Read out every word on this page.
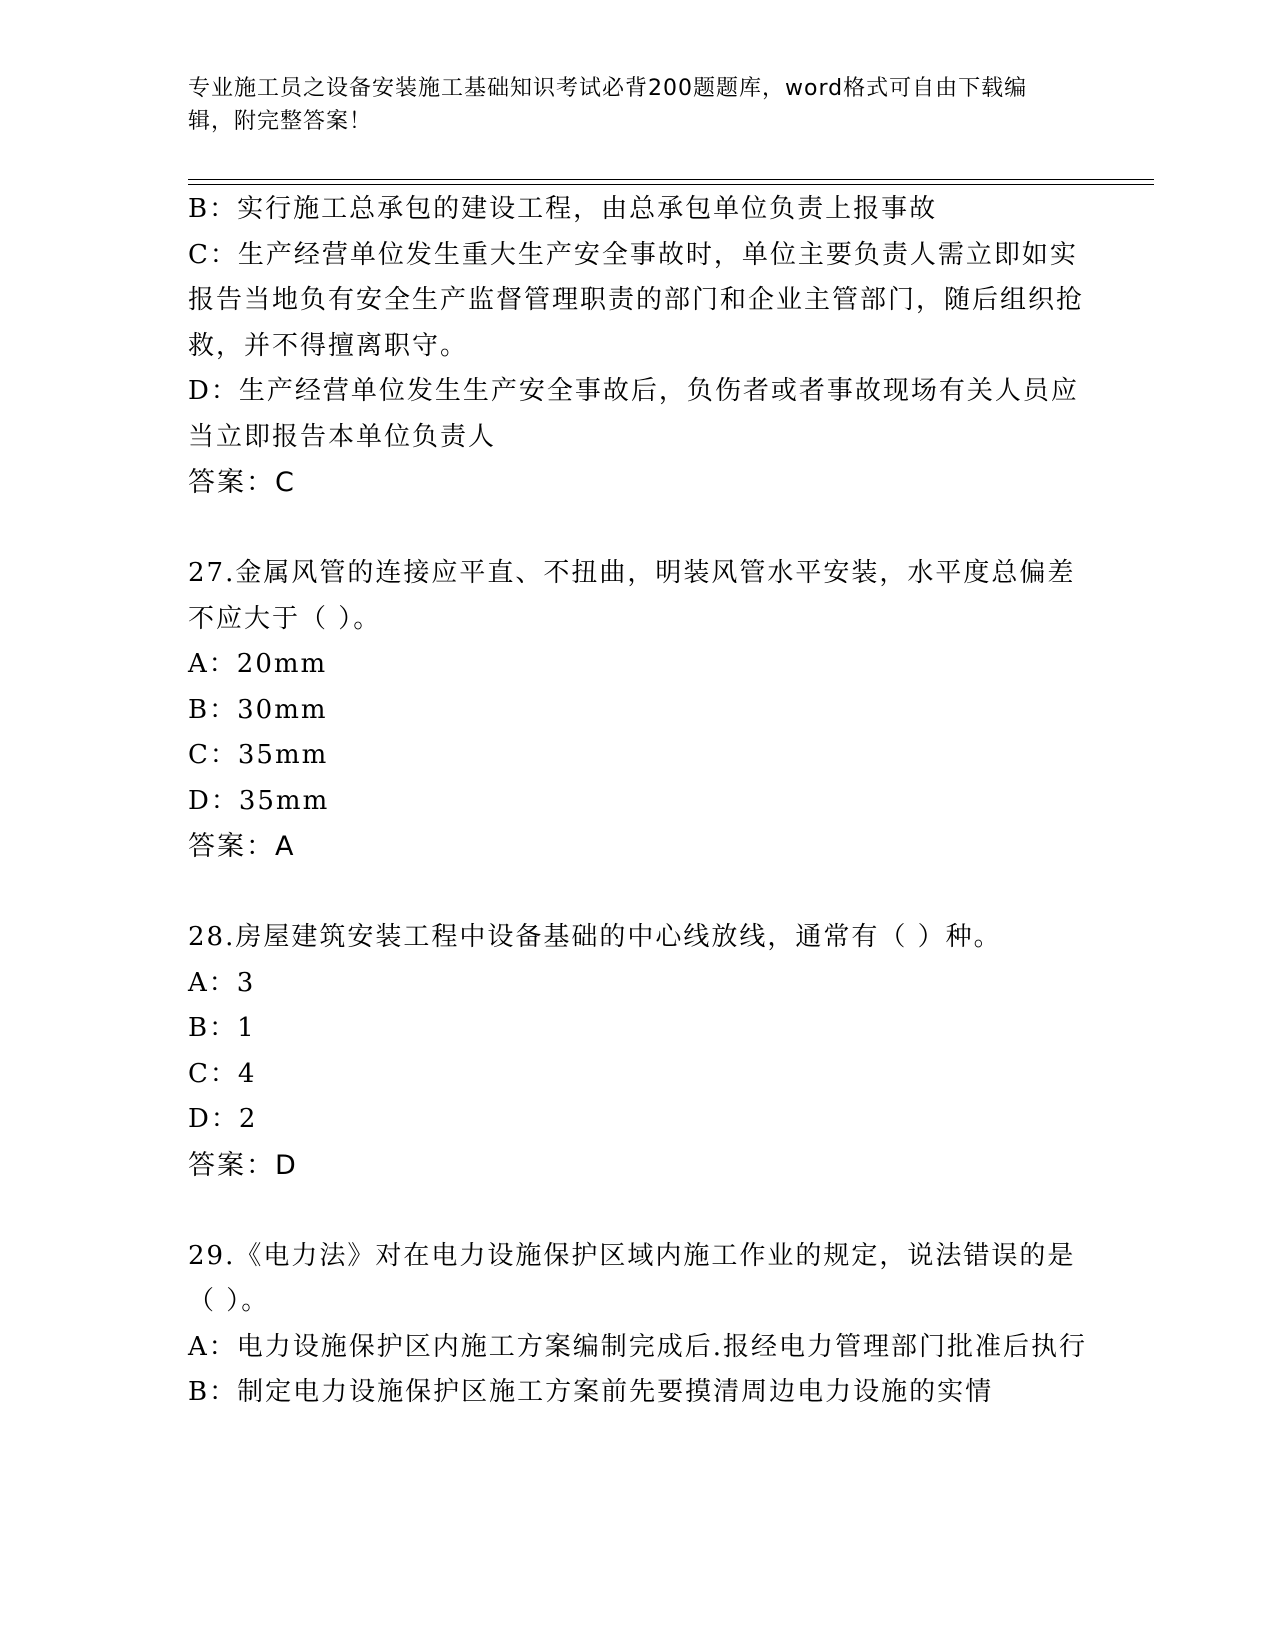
专业施工员之设备安装施工基础知识考试必背200题题库，word格式可自由下载编辑，附完整答案！

B：实行施工总承包的建设工程，由总承包单位负责上报事故

C：生产经营单位发生重大生产安全事故时，单位主要负责人需立即如实报告当地负有安全生产监督管理职责的部门和企业主管部门，随后组织抢救，并不得擅离职守。

D：生产经营单位发生生产安全事故后，负伤者或者事故现场有关人员应当立即报告本单位负责人

答案：C

27.金属风管的连接应平直、不扭曲，明装风管水平安装，水平度总偏差不应大于（ ）。

A：20mm

B：30mm

C：35mm

D：35mm

答案：A

28.房屋建筑安装工程中设备基础的中心线放线，通常有（ ）种。

A：3

B：1

C：4

D：2

答案：D

29.《电力法》对在电力设施保护区域内施工作业的规定，说法错误的是（ ）。

A：电力设施保护区内施工方案编制完成后.报经电力管理部门批准后执行

B：制定电力设施保护区施工方案前先要摸清周边电力设施的实情
